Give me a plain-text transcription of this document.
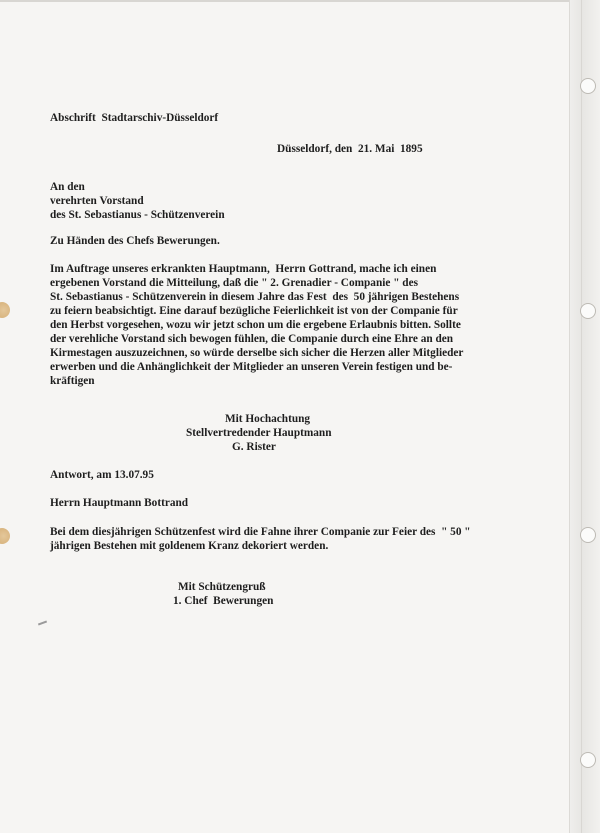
Abschrift  Stadtarschiv-Düsseldorf
Düsseldorf, den  21. Mai  1895
An den
verehrten Vorstand
des St. Sebastianus - Schützenverein
Zu Händen des Chefs Bewerungen.
Im Auftrage unseres erkrankten Hauptmann,  Herrn Gottrand, mache ich einen
ergebenen Vorstand die Mitteilung, daß die " 2. Grenadier - Companie " des
St. Sebastianus - Schützenverein in diesem Jahre das Fest  des  50 jährigen Bestehens
zu feiern beabsichtigt. Eine darauf bezügliche Feierlichkeit ist von der Companie für
den Herbst vorgesehen, wozu wir jetzt schon um die ergebene Erlaubnis bitten. Sollte
der verehliche Vorstand sich bewogen fühlen, die Companie durch eine Ehre an den
Kirmestagen auszuzeichnen, so würde derselbe sich sicher die Herzen aller Mitglieder
erwerben und die Anhänglichkeit der Mitglieder an unseren Verein festigen und be-
kräftigen
Mit Hochachtung
Stellvertredender Hauptmann
G. Rister
Antwort, am 13.07.95
Herrn Hauptmann Bottrand
Bei dem diesjährigen Schützenfest wird die Fahne ihrer Companie zur Feier des  " 50 "
jährigen Bestehen mit goldenem Kranz dekoriert werden.
Mit Schützengruß
1. Chef  Bewerungen
